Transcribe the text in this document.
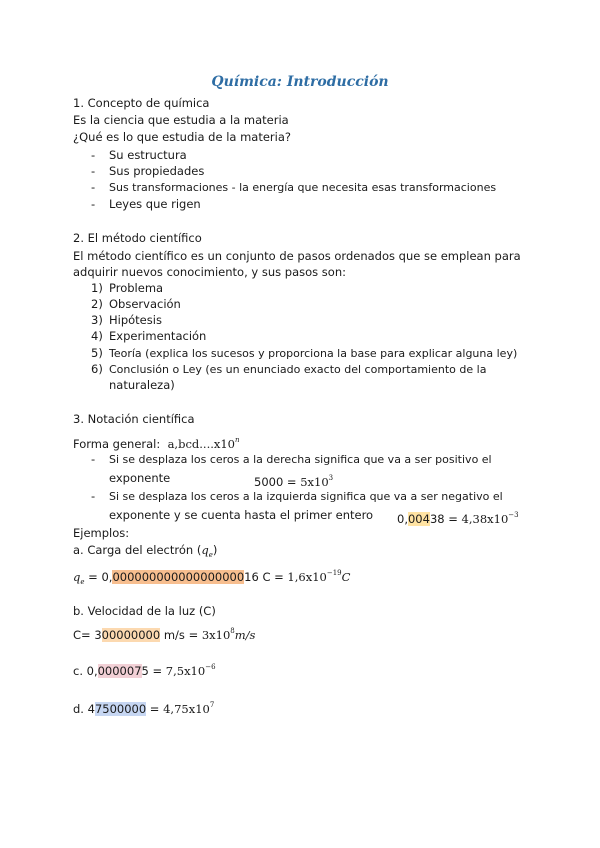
Química: Introducción
1. Concepto de química
Es la ciencia que estudia a la materia
¿Qué es lo que estudia de la materia?
-	Su estructura
-	Sus propiedades
-	Sus transformaciones - la energía que necesita esas transformaciones
-	Leyes que rigen
2. El método científico
El método científico es un conjunto de pasos ordenados que se emplean para
adquirir nuevos conocimiento, y sus pasos son:
1) Problema
2) Observación
3) Hipótesis
4) Experimentación
5) Teoría (explica los sucesos y proporciona la base para explicar alguna ley)
6) Conclusión o Ley (es un enunciado exacto del comportamiento de la
naturaleza)
3. Notación científica
Forma general: a,bcd....x10$^n$
-	Si se desplaza los ceros a la derecha significa que va a ser positivo el
exponente	$5000 = 5x10^3$
-	Si se desplaza los ceros a la izquierda significa que va a ser negativo el
exponente y se cuenta hasta el primer entero $0,00438 = 4,38x10^{-3}$
Ejemplos:
a. Carga del electrón $(q_e)$
$q_e = 0,00000000000000000016$ $C = 1,6x10^{-19}C$
b. Velocidad de la luz (C)
C= 300000000 $m/s = 3x10^8m/s$
c. $0,0000075 = 7,5x10^{-6}$
d. $47500000 = 4,75x10^7$
